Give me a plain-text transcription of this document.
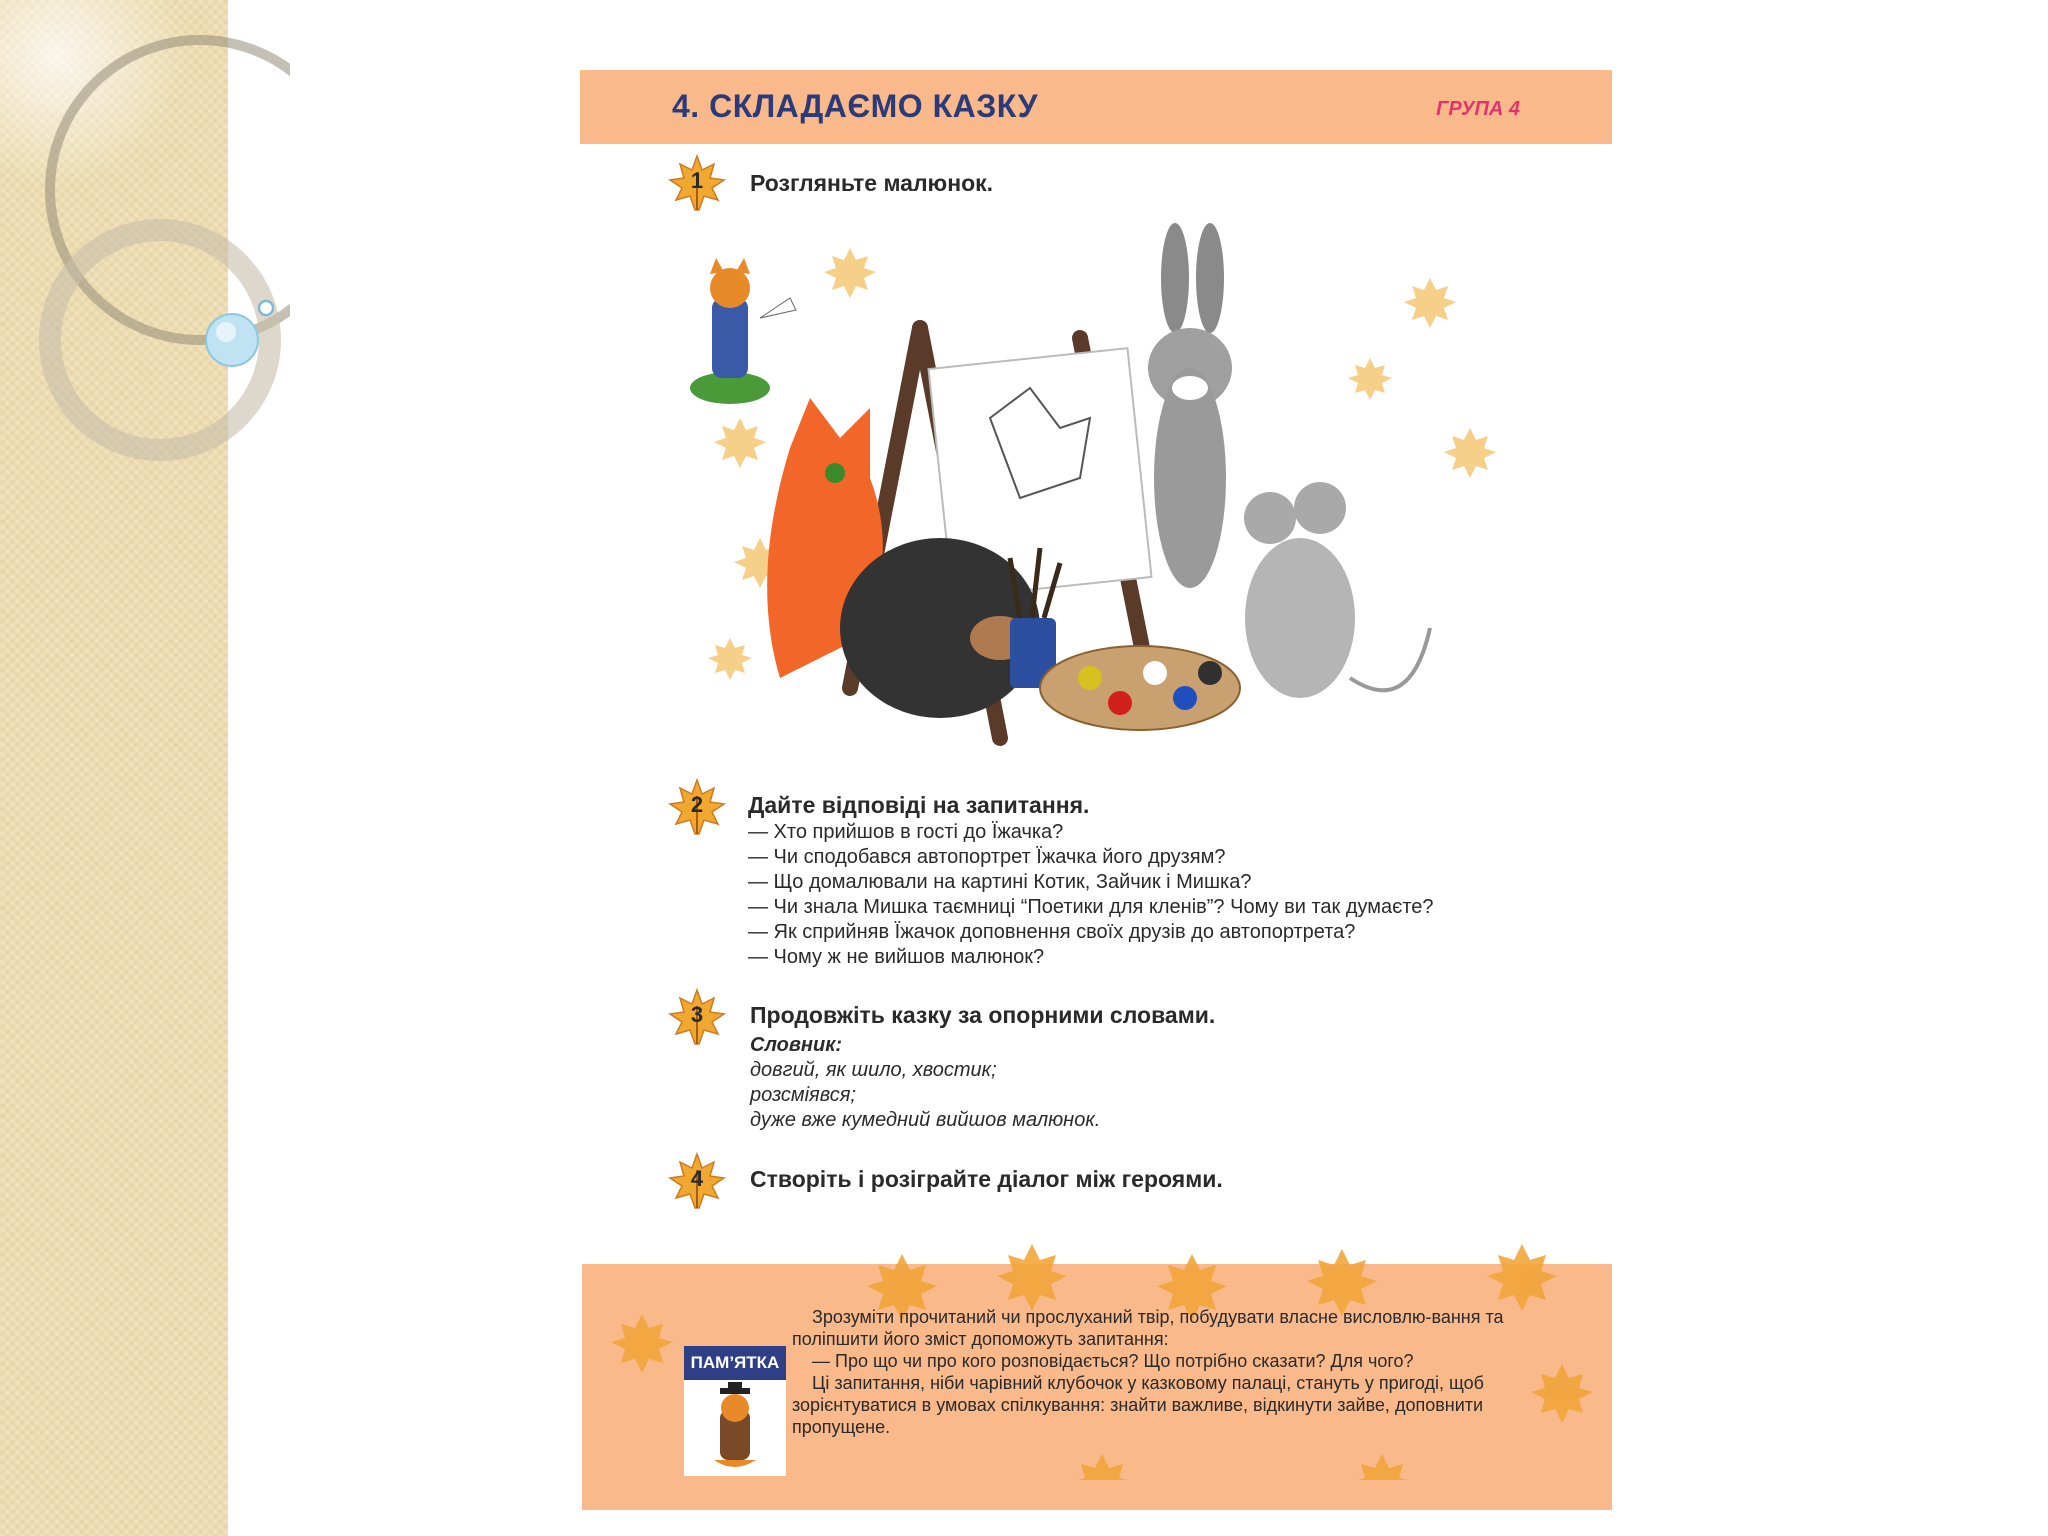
4. СКЛАДАЄМО КАЗКУ	ГРУПА 4
1	Розгляньте малюнок.
2	Дайте відповіді на запитання.
— Хто прийшов в гості до Їжачка?
— Чи сподобався автопортрет Їжачка його друзям?
— Що домалювали на картині Котик, Зайчик і Мишка?
— Чи знала Мишка таємниці “Поетики для кленів”? Чому ви так думаєте?
— Як сприйняв Їжачок доповнення своїх друзів до автопортрета?
— Чому ж не вийшов малюнок?
3	Продовжіть казку за опорними словами.
Словник:
довгий, як шило, хвостик;
розсміявся;
дуже вже кумедний вийшов малюнок.
4	Створіть і розіграйте діалог між героями.
ПАМ’ЯТКА

Зрозуміти прочитаний чи прослуханий твір, побудувати власне висловлю-вання та поліпшити його зміст допоможуть запитання:

— Про що чи про кого розповідається? Що потрібно сказати? Для чого?

Ці запитання, ніби чарівний клубочок у казковому палаці, стануть у пригоді, щоб зорієнтуватися в умовах спілкування: знайти важливе, відкинути зайве, доповнити пропущене.
